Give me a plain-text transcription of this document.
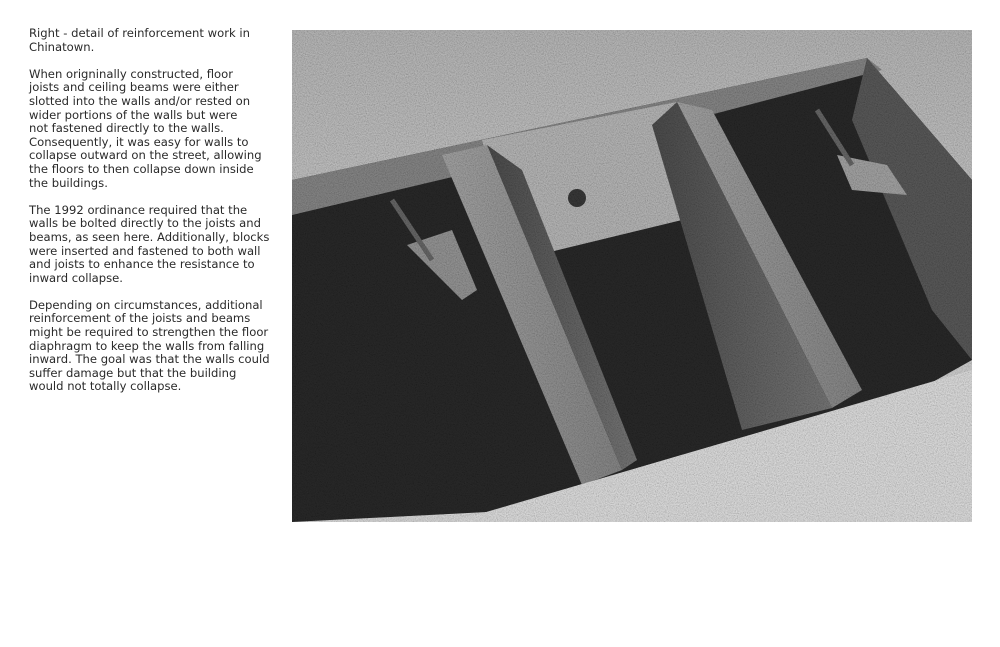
Right - detail of reinforcement work in
Chinatown.

When origninally constructed, floor
joists and ceiling beams were either
slotted into the walls and/or rested on
wider portions of the walls but were
not fastened directly to the walls.
Consequently, it was easy for walls to
collapse outward on the street, allowing
the floors to then collapse down inside
the buildings.

The 1992 ordinance required that the
walls be bolted directly to the joists and
beams, as seen here. Additionally, blocks
were inserted and fastened to both wall
and joists to enhance the resistance to
inward collapse.

Depending on circumstances, additional
reinforcement of the joists and beams
might be required to strengthen the floor
diaphragm to keep the walls from falling
inward. The goal was that the walls could
suffer damage but that the building
would not totally collapse.
